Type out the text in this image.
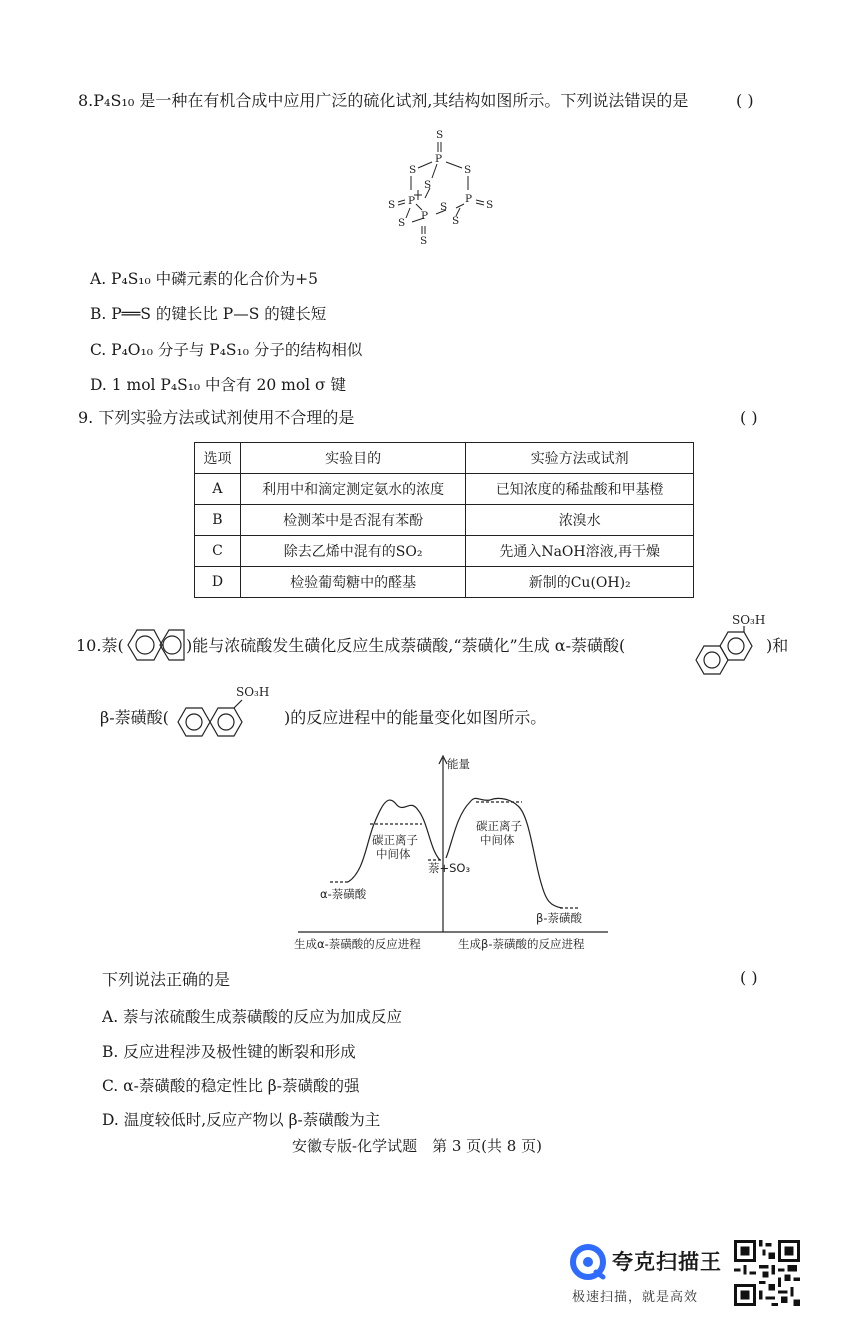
8.P₄S₁₀ 是一种在有机合成中应用广泛的硫化试剂,其结构如图所示。下列说法错误的是	( )
S
P
S	S
S
S P S
P S
P
S	S
S
A. P₄S₁₀ 中磷元素的化合价为+5
B. P══S 的键长比 P—S 的键长短
C. P₄O₁₀ 分子与 P₄S₁₀ 分子的结构相似
D. 1 mol P₄S₁₀ 中含有 20 mol σ 键
9. 下列实验方法或试剂使用不合理的是	( )
选项	实验目的	实验方法或试剂
A	利用中和滴定测定氨水的浓度	已知浓度的稀盐酸和甲基橙
B	检测苯中是否混有苯酚	浓溴水
C	除去乙烯中混有的SO₂	先通入NaOH溶液,再干燥
D	检验葡萄糖中的醛基	新制的Cu(OH)₂
10.萘(	)能与浓硫酸发生磺化反应生成萘磺酸,“萘磺化”生成 α-萘磺酸(
SO₃H
)和
β-萘磺酸(
SO₃H
)的反应进程中的能量变化如图所示。
能量
碳正离子
中间体
碳正离子
中间体
萘+SO₃
α-萘磺酸
β-萘磺酸
生成α-萘磺酸的反应进程	生成β-萘磺酸的反应进程
下列说法正确的是	( )
A. 萘与浓硫酸生成萘磺酸的反应为加成反应
B. 反应进程涉及极性键的断裂和形成
C. α-萘磺酸的稳定性比 β-萘磺酸的强
D. 温度较低时,反应产物以 β-萘磺酸为主
安徽专版-化学试题　第 3 页(共 8 页)
夸克扫描王
极速扫描，就是高效
